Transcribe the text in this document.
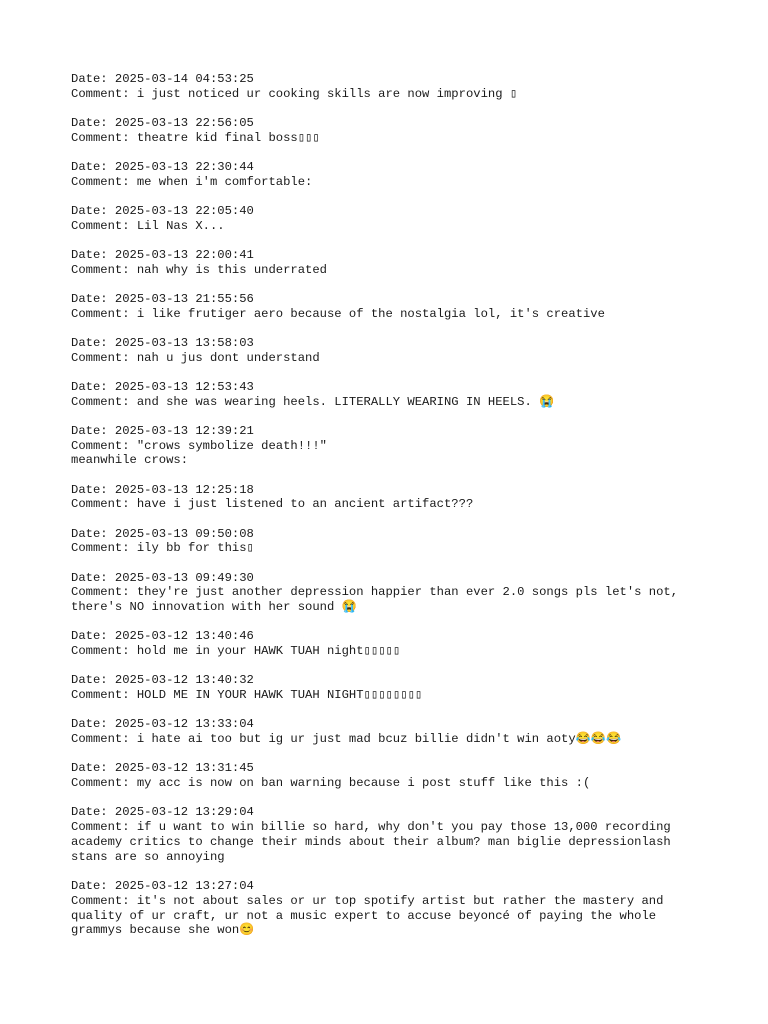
Date: 2025-03-14 04:53:25
Comment: i just noticed ur cooking skills are now improving ▯
Date: 2025-03-13 22:56:05
Comment: theatre kid final boss▯▯▯
Date: 2025-03-13 22:30:44
Comment: me when i'm comfortable:
Date: 2025-03-13 22:05:40
Comment: Lil Nas X...
Date: 2025-03-13 22:00:41
Comment: nah why is this underrated
Date: 2025-03-13 21:55:56
Comment: i like frutiger aero because of the nostalgia lol, it's creative
Date: 2025-03-13 13:58:03
Comment: nah u jus dont understand
Date: 2025-03-13 12:53:43
Comment: and she was wearing heels. LITERALLY WEARING IN HEELS. 😭
Date: 2025-03-13 12:39:21
Comment: "crows symbolize death!!!"
meanwhile crows:
Date: 2025-03-13 12:25:18
Comment: have i just listened to an ancient artifact???
Date: 2025-03-13 09:50:08
Comment: ily bb for this▯
Date: 2025-03-13 09:49:30
Comment: they're just another depression happier than ever 2.0 songs pls let's not,
there's NO innovation with her sound 😭
Date: 2025-03-12 13:40:46
Comment: hold me in your HAWK TUAH night▯▯▯▯▯
Date: 2025-03-12 13:40:32
Comment: HOLD ME IN YOUR HAWK TUAH NIGHT▯▯▯▯▯▯▯▯
Date: 2025-03-12 13:33:04
Comment: i hate ai too but ig ur just mad bcuz billie didn't win aoty😂😂😂
Date: 2025-03-12 13:31:45
Comment: my acc is now on ban warning because i post stuff like this :(
Date: 2025-03-12 13:29:04
Comment: if u want to win billie so hard, why don't you pay those 13,000 recording
academy critics to change their minds about their album? man biglie depressionlash
stans are so annoying
Date: 2025-03-12 13:27:04
Comment: it's not about sales or ur top spotify artist but rather the mastery and
quality of ur craft, ur not a music expert to accuse beyoncé of paying the whole
grammys because she won😊
